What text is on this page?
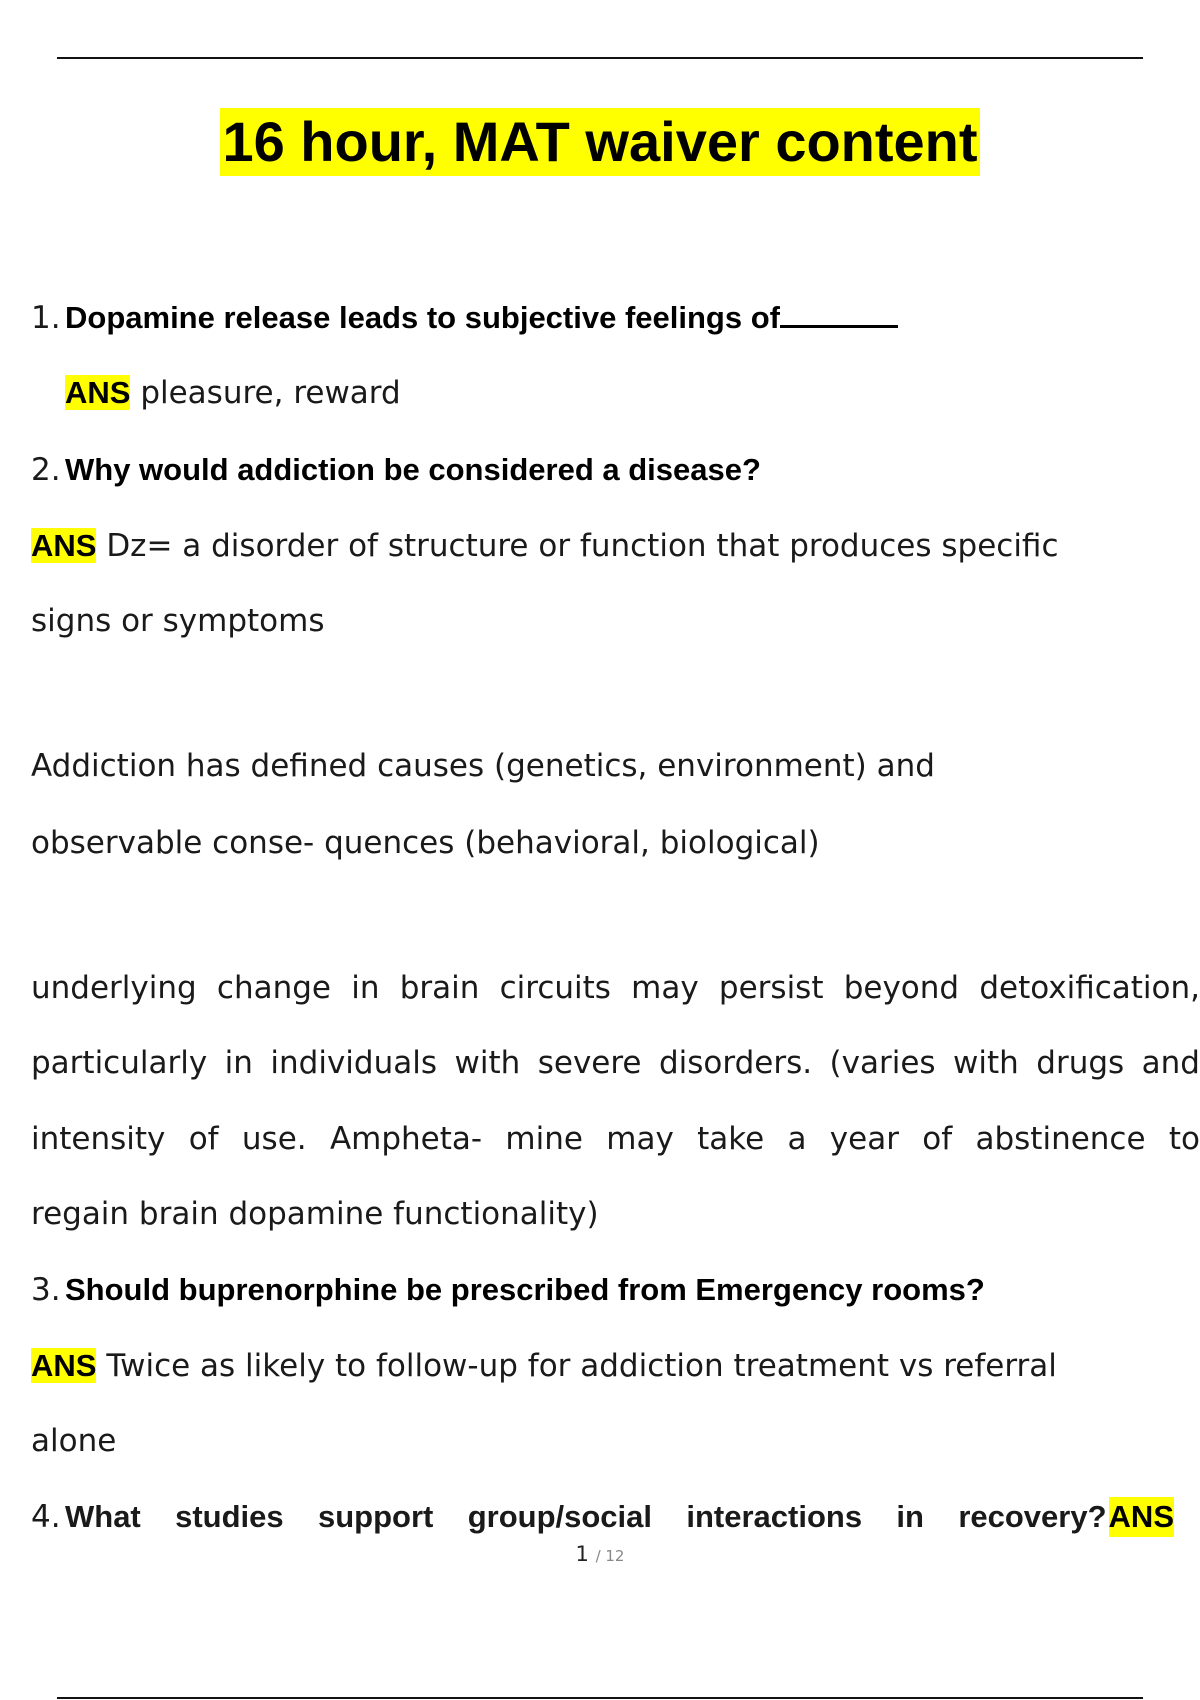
16 hour, MAT waiver content
1. Dopamine release leads to subjective feelings of
ANS pleasure, reward
2. Why would addiction be considered a disease?
ANS Dz= a disorder of structure or function that produces specific
signs or symptoms
Addiction has defined causes (genetics, environment) and
observable conse- quences (behavioral, biological)
underlying change in brain circuits may persist beyond detoxification,
particularly in individuals with severe disorders. (varies with drugs and
intensity of use. Ampheta- mine may take a year of abstinence to
regain brain dopamine functionality)
3. Should buprenorphine be prescribed from Emergency rooms?
ANS Twice as likely to follow-up for addiction treatment vs referral
alone
4. What studies support group/social interactions in recovery? ANS
1 / 12
